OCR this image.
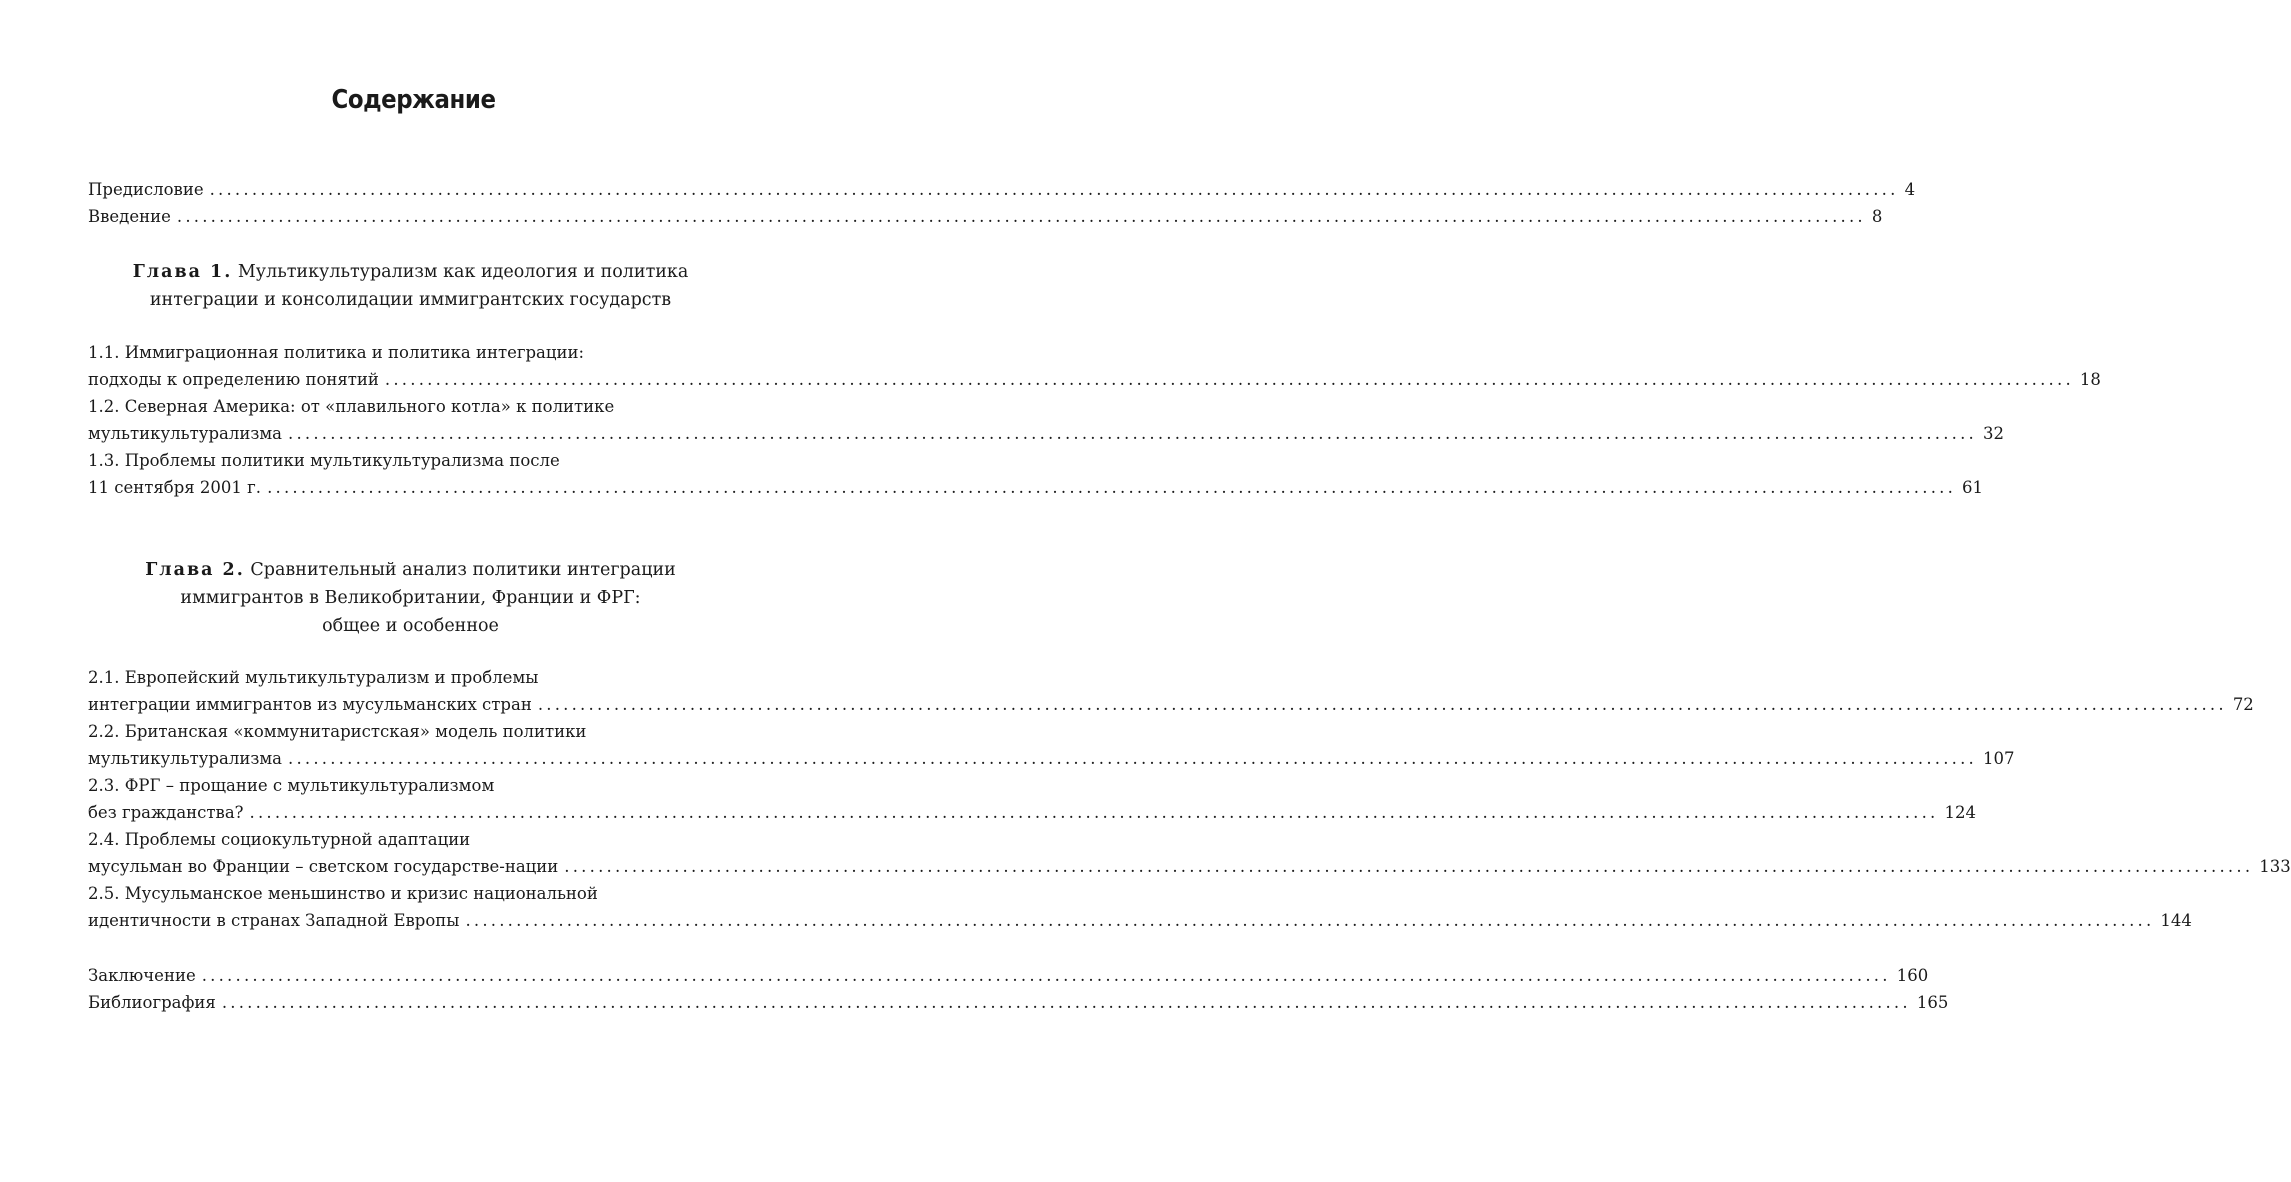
Содержание
Предисловие ........................................................................................................................................................................................................ 4
Введение ........................................................................................................................................................................................................ 8
1.1. Иммиграционная политика и политика интеграции:
подходы к определению понятий ........................................................................................................................................................................................................ 18
1.2. Северная Америка: от «плавильного котла» к политике
мультикультурализма ........................................................................................................................................................................................................ 32
1.3. Проблемы политики мультикультурализма после
11 сентября 2001 г. ........................................................................................................................................................................................................ 61
2.1. Европейский мультикультурализм и проблемы
интеграции иммигрантов из мусульманских стран ........................................................................................................................................................................................................ 72
2.2. Британская «коммунитаристская» модель политики
мультикультурализма ........................................................................................................................................................................................................ 107
2.3. ФРГ – прощание с мультикультурализмом
без гражданства? ........................................................................................................................................................................................................ 124
2.4. Проблемы социокультурной адаптации
мусульман во Франции – светском государстве-нации ........................................................................................................................................................................................................ 133
2.5. Мусульманское меньшинство и кризис национальной
идентичности в странах Западной Европы ........................................................................................................................................................................................................ 144
Заключение ........................................................................................................................................................................................................ 160
Библиография ........................................................................................................................................................................................................ 165
Глава 1. Мультикультурализм как идеология и политика
интеграции и консолидации иммигрантских государств
Глава 2. Сравнительный анализ политики интеграции
иммигрантов в Великобритании, Франции и ФРГ:
общее и особенное
